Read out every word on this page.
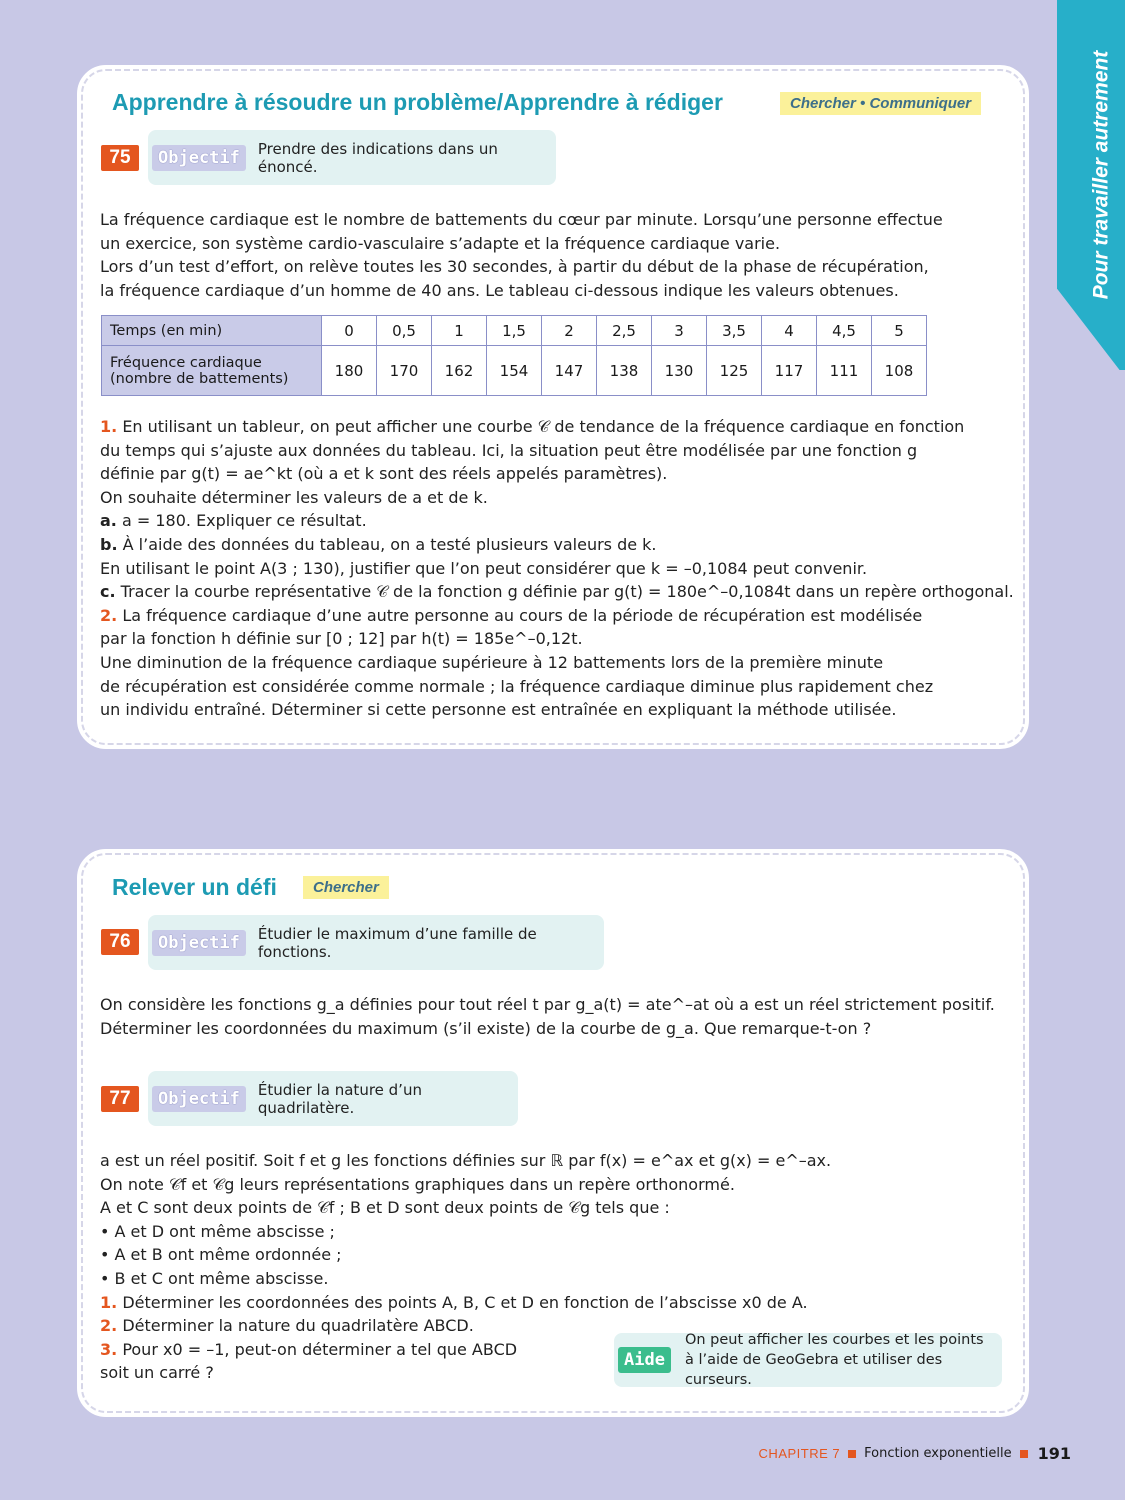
Pour travailler autrement
Apprendre à résoudre un problème/Apprendre à rédiger	Chercher • Communiquer
75	Objectif	Prendre des indications dans un énoncé.

La fréquence cardiaque est le nombre de battements du cœur par minute. Lorsqu’une personne effectue

un exercice, son système cardio-vasculaire s’adapte et la fréquence cardiaque varie.

Lors d’un test d’effort, on relève toutes les 30 secondes, à partir du début de la phase de récupération,

la fréquence cardiaque d’un homme de 40 ans. Le tableau ci-dessous indique les valeurs obtenues.

Temps (en min)	0	0,5	1	1,5	2	2,5	3	3,5	4	4,5	5

Fréquence cardiaque
(nombre de battements)	180	170	162	154	147	138	130	125	117	111	108

1. En utilisant un tableur, on peut afficher une courbe 𝒞 de tendance de la fréquence cardiaque en fonction

du temps qui s’ajuste aux données du tableau. Ici, la situation peut être modélisée par une fonction g

définie par g(t) = ae^kt (où a et k sont des réels appelés paramètres).

On souhaite déterminer les valeurs de a et de k.

a. a = 180. Expliquer ce résultat.

b. À l’aide des données du tableau, on a testé plusieurs valeurs de k.

En utilisant le point A(3 ; 130), justifier que l’on peut considérer que k = –0,1084 peut convenir.

c. Tracer la courbe représentative 𝒞 de la fonction g définie par g(t) = 180e^–0,1084t dans un repère orthogonal.

2. La fréquence cardiaque d’une autre personne au cours de la période de récupération est modélisée

par la fonction h définie sur [0 ; 12] par h(t) = 185e^–0,12t.

Une diminution de la fréquence cardiaque supérieure à 12 battements lors de la première minute

de récupération est considérée comme normale ; la fréquence cardiaque diminue plus rapidement chez

un individu entraîné. Déterminer si cette personne est entraînée en expliquant la méthode utilisée.

Relever un défi	Chercher
76	Objectif	Étudier le maximum d’une famille de fonctions.

On considère les fonctions g_a définies pour tout réel t par g_a(t) = ate^–at où a est un réel strictement positif.

Déterminer les coordonnées du maximum (s’il existe) de la courbe de g_a. Que remarque-t-on ?

77	Objectif	Étudier la nature d’un quadrilatère.

a est un réel positif. Soit f et g les fonctions définies sur ℝ par f(x) = e^ax et g(x) = e^–ax.

On note 𝒞f et 𝒞g leurs représentations graphiques dans un repère orthonormé.

A et C sont deux points de 𝒞f ; B et D sont deux points de 𝒞g tels que :

• A et D ont même abscisse ;

• A et B ont même ordonnée ;

• B et C ont même abscisse.

1. Déterminer les coordonnées des points A, B, C et D en fonction de l’abscisse x0 de A.

2. Déterminer la nature du quadrilatère ABCD.

3. Pour x0 = –1, peut-on déterminer a tel que ABCD

soit un carré ?

Aide
On peut afficher les courbes et les points
à l’aide de GeoGebra et utiliser des curseurs.
CHAPITRE 7 Fonction exponentielle 191
